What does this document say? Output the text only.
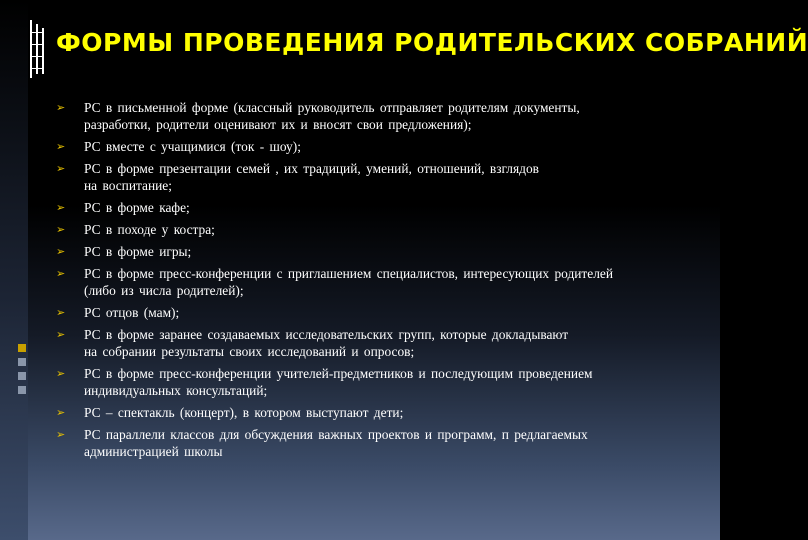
ФОРМЫ ПРОВЕДЕНИЯ РОДИТЕЛЬСКИХ СОБРАНИЙ
➢ РС в письменной форме (классный руководитель отправляет родителям документы,
разработки, родители оценивают их и вносят свои предложения);
➢ РС вместе с учащимися (ток - шоу);
➢ РС в форме презентации семей , их традиций, умений, отношений, взглядов
на воспитание;
➢ РС в форме кафе;
➢ РС в походе у костра;
➢ РС в форме игры;
➢ РС в форме пресс-конференции с приглашением специалистов, интересующих родителей
(либо из числа родителей);
➢ РС отцов (мам);
➢ РС в форме заранее создаваемых исследовательских групп, которые докладывают
на собрании результаты своих исследований и опросов;
➢ РС в форме пресс-конференции учителей-предметников и последующим проведением
индивидуальных консультаций;
➢ РС – спектакль (концерт), в котором выступают дети;
➢ РС параллели классов для обсуждения важных проектов и программ, п редлагаемых
администрацией школы
